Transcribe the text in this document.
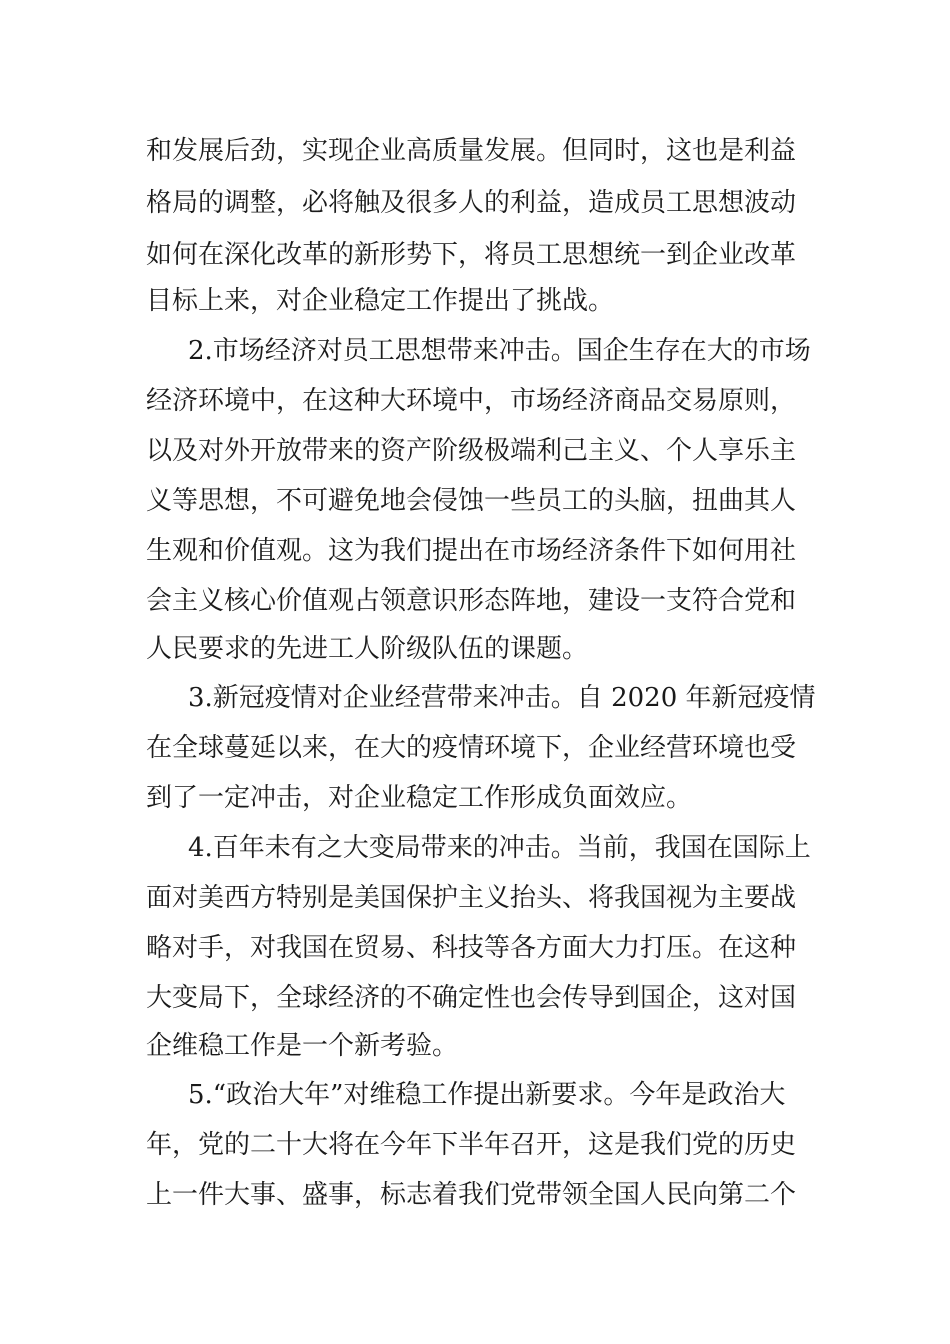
和发展后劲，实现企业高质量发展。但同时，这也是利益
格局的调整，必将触及很多人的利益，造成员工思想波动
如何在深化改革的新形势下，将员工思想统一到企业改革
目标上来，对企业稳定工作提出了挑战。
2.市场经济对员工思想带来冲击。国企生存在大的市场
经济环境中，在这种大环境中，市场经济商品交易原则，
以及对外开放带来的资产阶级极端利己主义、个人享乐主
义等思想，不可避免地会侵蚀一些员工的头脑，扭曲其人
生观和价值观。这为我们提出在市场经济条件下如何用社
会主义核心价值观占领意识形态阵地，建设一支符合党和
人民要求的先进工人阶级队伍的课题。
3.新冠疫情对企业经营带来冲击。自 2020 年新冠疫情
在全球蔓延以来，在大的疫情环境下，企业经营环境也受
到了一定冲击，对企业稳定工作形成负面效应。
4.百年未有之大变局带来的冲击。当前，我国在国际上
面对美西方特别是美国保护主义抬头、将我国视为主要战
略对手，对我国在贸易、科技等各方面大力打压。在这种
大变局下，全球经济的不确定性也会传导到国企，这对国
企维稳工作是一个新考验。
5.“政治大年”对维稳工作提出新要求。今年是政治大
年，党的二十大将在今年下半年召开，这是我们党的历史
上一件大事、盛事，标志着我们党带领全国人民向第二个
